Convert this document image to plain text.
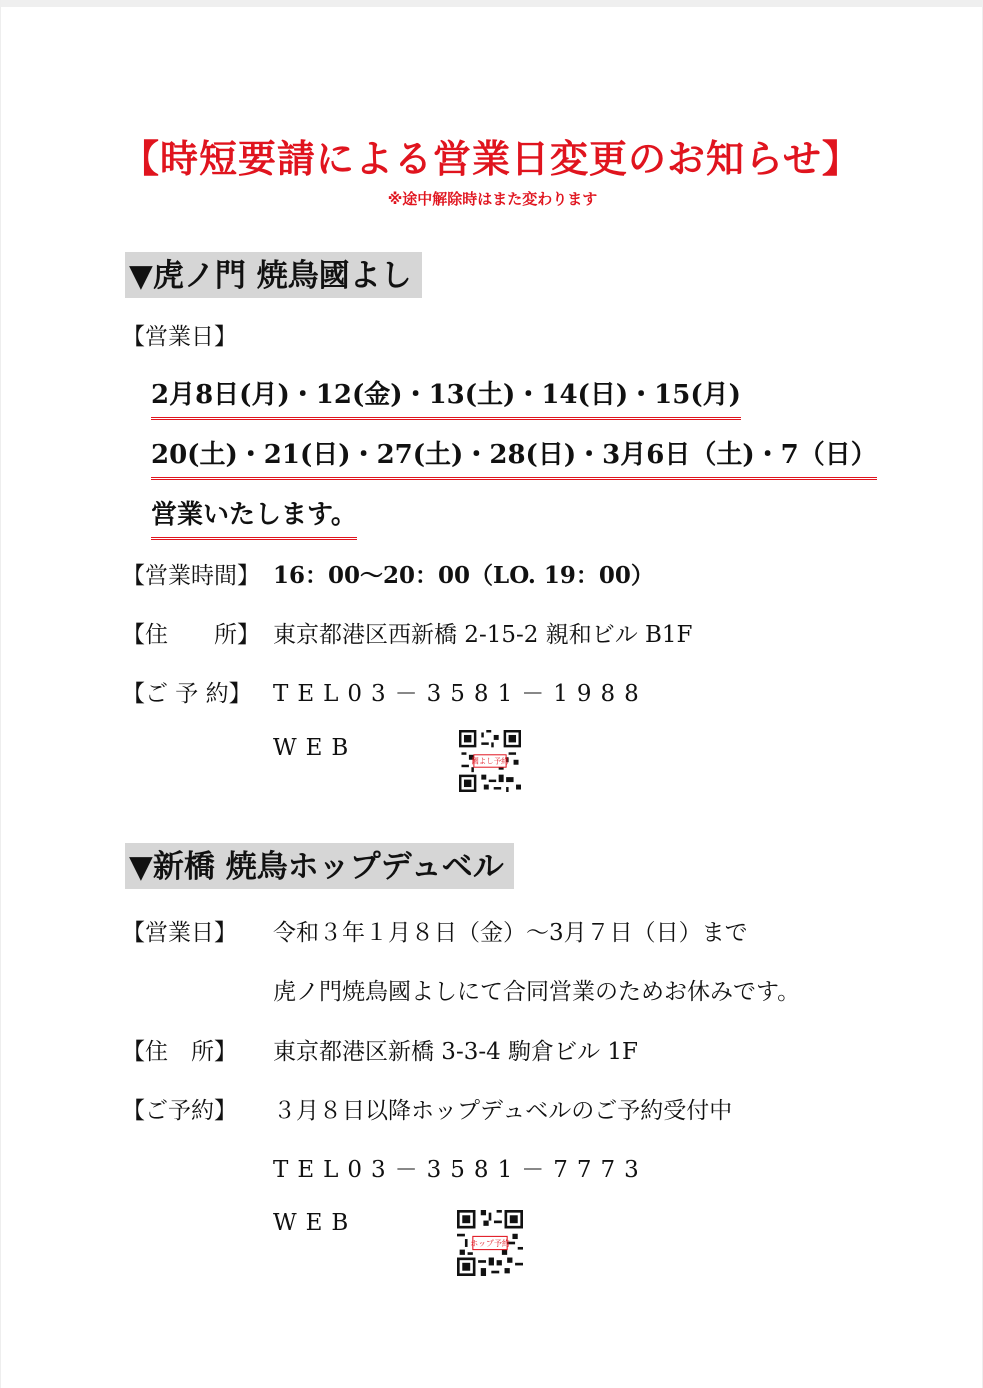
【時短要請による営業日変更のお知らせ】
※途中解除時はまた変わります
▼虎ノ門 焼鳥國よし
【営業日】
2月8日(月)・12(金)・13(土)・14(日)・15(月)
20(土)・21(日)・27(土)・28(日)・3月6日（土)・7（日）
営業いたします。
【営業時間】 16：00～20：00（LO. 19：00）
【住　　所】 東京都港区西新橋 2-15-2 親和ビル B1F
【ご 予 約】 TEL03－3581－1988
WEB
國よし予約
▼新橋 焼鳥ホップデュベル
【営業日】 令和３年１月８日（金）～3月７日（日）まで
虎ノ門焼鳥國よしにて合同営業のためお休みです。
【住　所】 東京都港区新橋 3-3-4 駒倉ビル 1F
【ご予約】 ３月８日以降ホップデュベルのご予約受付中
TEL03－3581－7773
WEB
ホップ予約
